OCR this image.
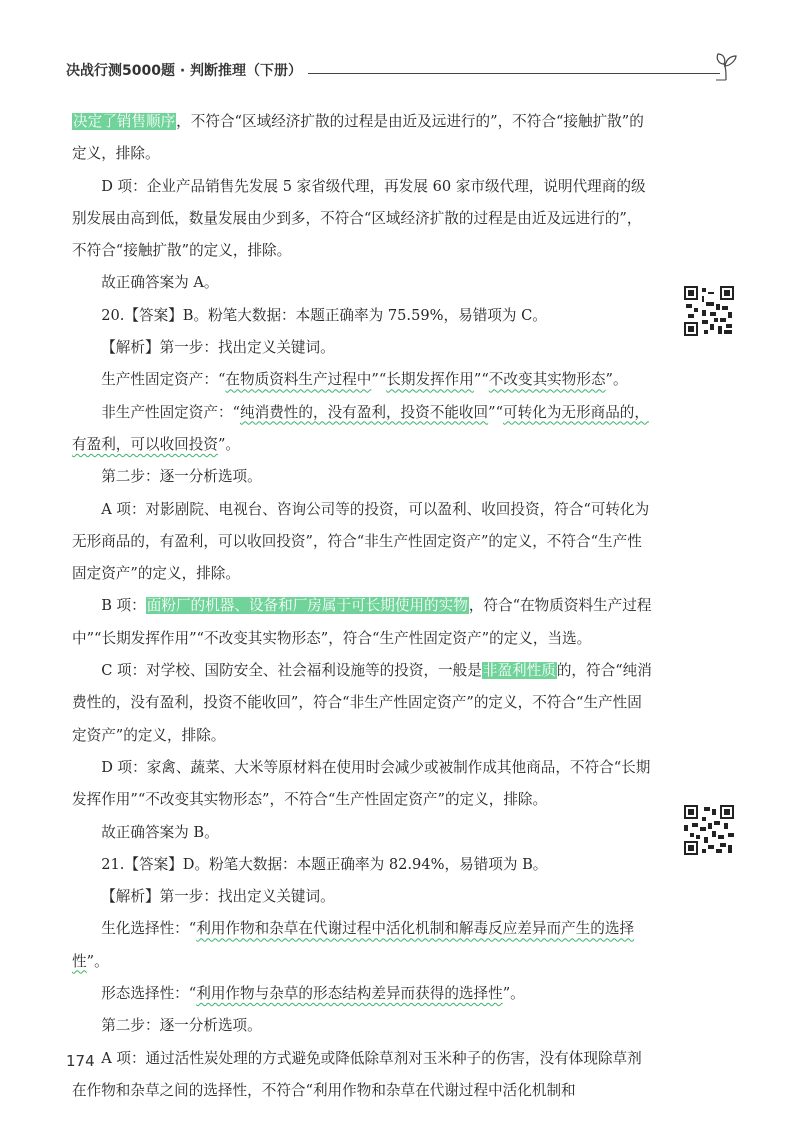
决战行测5000题 · 判断推理（下册）

决定了销售顺序，不符合“区域经济扩散的过程是由近及远进行的”，不符合“接触扩散”的定义，排除。

D 项：企业产品销售先发展 5 家省级代理，再发展 60 家市级代理，说明代理商的级别发展由高到低，数量发展由少到多，不符合“区域经济扩散的过程是由近及远进行的”，不符合“接触扩散”的定义，排除。

故正确答案为 A。

20.【答案】B。粉笔大数据：本题正确率为 75.59%，易错项为 C。

【解析】第一步：找出定义关键词。

生产性固定资产：“在物质资料生产过程中”“长期发挥作用”“不改变其实物形态”。

非生产性固定资产：“纯消费性的，没有盈利，投资不能收回”“可转化为无形商品的，有盈利，可以收回投资”。

第二步：逐一分析选项。

A 项：对影剧院、电视台、咨询公司等的投资，可以盈利、收回投资，符合“可转化为无形商品的，有盈利，可以收回投资”，符合“非生产性固定资产”的定义，不符合“生产性固定资产”的定义，排除。

B 项：面粉厂的机器、设备和厂房属于可长期使用的实物，符合“在物质资料生产过程中”“长期发挥作用”“不改变其实物形态”，符合“生产性固定资产”的定义，当选。

C 项：对学校、国防安全、社会福利设施等的投资，一般是非盈利性质的，符合“纯消费性的，没有盈利，投资不能收回”，符合“非生产性固定资产”的定义，不符合“生产性固定资产”的定义，排除。

D 项：家禽、蔬菜、大米等原材料在使用时会减少或被制作成其他商品，不符合“长期发挥作用”“不改变其实物形态”，不符合“生产性固定资产”的定义，排除。

故正确答案为 B。

21.【答案】D。粉笔大数据：本题正确率为 82.94%，易错项为 B。

【解析】第一步：找出定义关键词。

生化选择性：“利用作物和杂草在代谢过程中活化机制和解毒反应差异而产生的选择性”。

形态选择性：“利用作物与杂草的形态结构差异而获得的选择性”。

第二步：逐一分析选项。

A 项：通过活性炭处理的方式避免或降低除草剂对玉米种子的伤害，没有体现除草剂在作物和杂草之间的选择性，不符合“利用作物和杂草在代谢过程中活化机制和

174
